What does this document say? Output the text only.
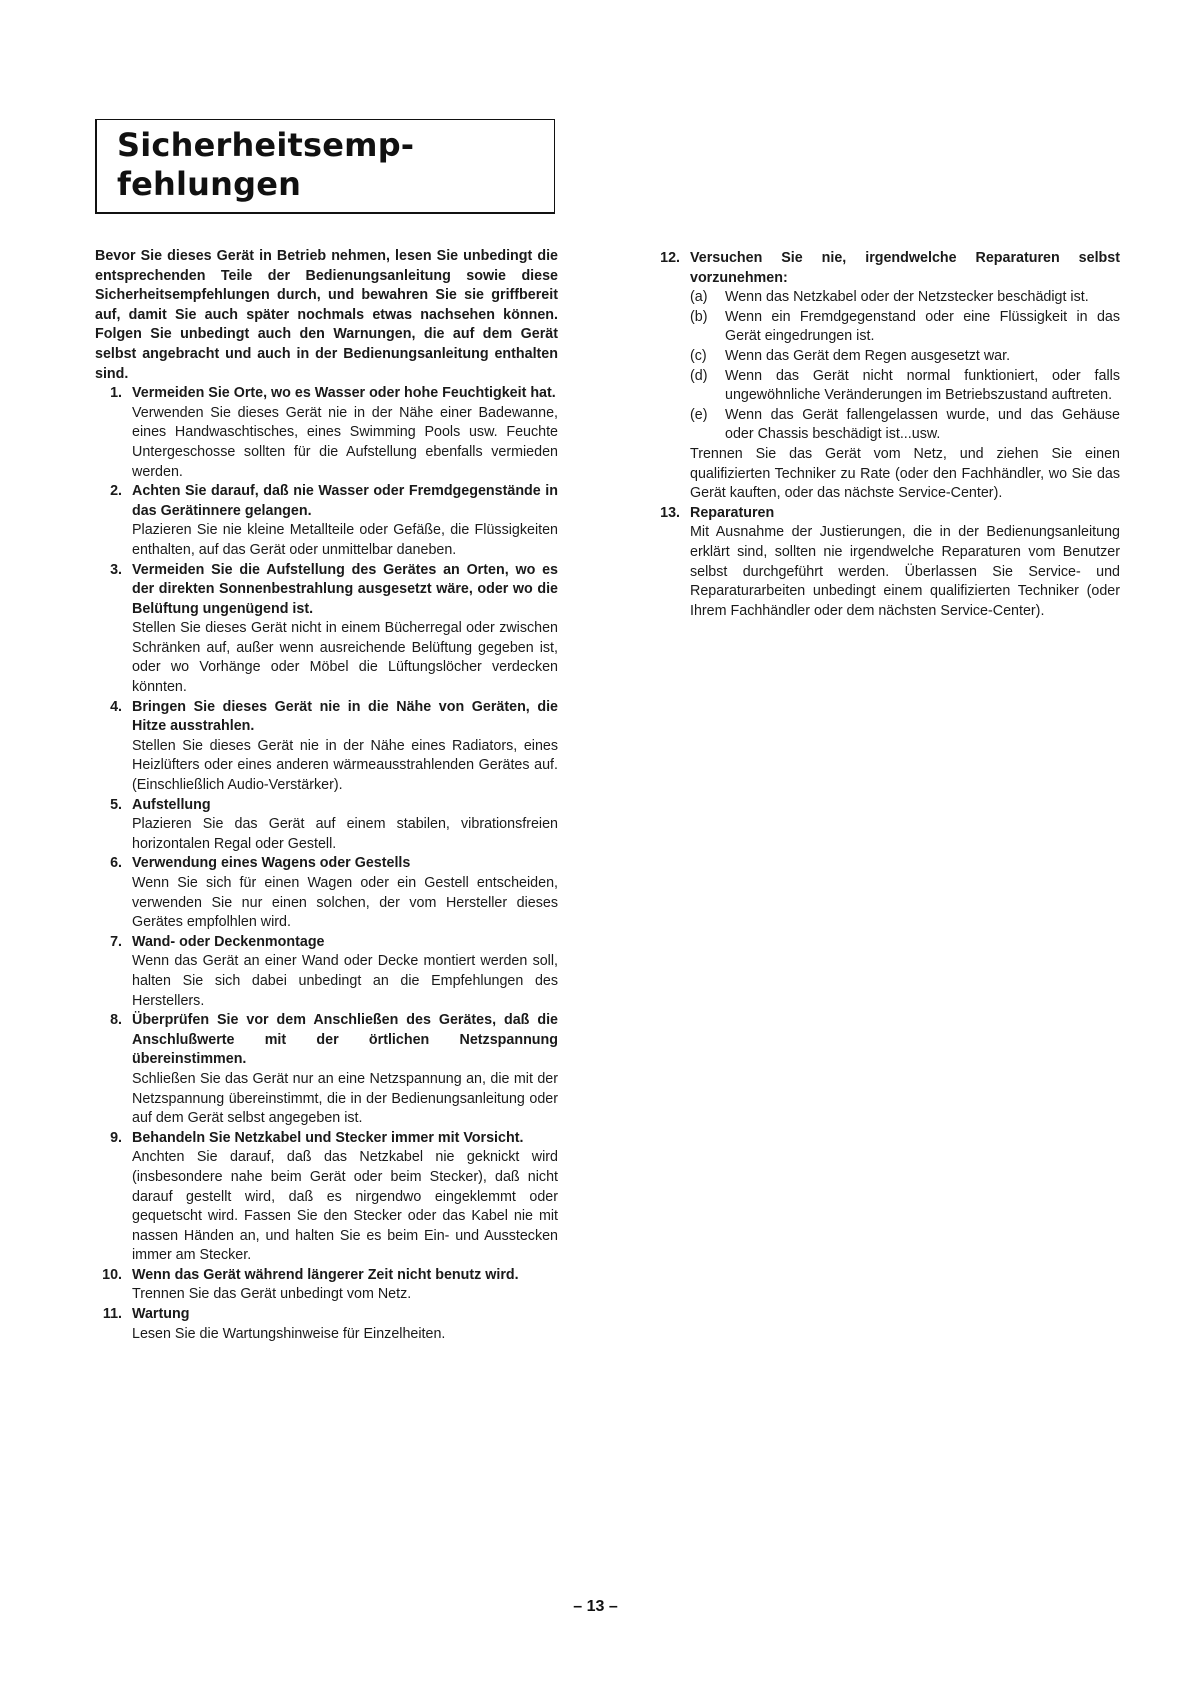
Sicherheitsemp-
fehlungen

Bevor Sie dieses Gerät in Betrieb nehmen, lesen Sie unbedingt die entsprechenden Teile der Bedienungsanleitung sowie diese Sicherheitsempfehlungen durch, und bewahren Sie sie griffbereit auf, damit Sie auch später nochmals etwas nachsehen können. Folgen Sie unbedingt auch den Warnungen, die auf dem Gerät selbst angebracht und auch in der Bedienungsanleitung enthalten sind.

1. Vermeiden Sie Orte, wo es Wasser oder hohe Feuchtigkeit hat.
Verwenden Sie dieses Gerät nie in der Nähe einer Badewanne, eines Handwaschtisches, eines Swimming Pools usw. Feuchte Untergeschosse sollten für die Aufstellung ebenfalls vermieden werden.
2. Achten Sie darauf, daß nie Wasser oder Fremdgegenstände in das Gerätinnere gelangen.
Plazieren Sie nie kleine Metallteile oder Gefäße, die Flüssigkeiten enthalten, auf das Gerät oder unmittelbar daneben.
3. Vermeiden Sie die Aufstellung des Gerätes an Orten, wo es der direkten Sonnenbestrahlung ausgesetzt wäre, oder wo die Belüftung ungenügend ist.
Stellen Sie dieses Gerät nicht in einem Bücherregal oder zwischen Schränken auf, außer wenn ausreichende Belüftung gegeben ist, oder wo Vorhänge oder Möbel die Lüftungslöcher verdecken könnten.
4. Bringen Sie dieses Gerät nie in die Nähe von Geräten, die Hitze ausstrahlen.
Stellen Sie dieses Gerät nie in der Nähe eines Radiators, eines Heizlüfters oder eines anderen wärmeausstrahlenden Gerätes auf. (Einschließlich Audio-Verstärker).
5. Aufstellung
Plazieren Sie das Gerät auf einem stabilen, vibrationsfreien horizontalen Regal oder Gestell.
6. Verwendung eines Wagens oder Gestells
Wenn Sie sich für einen Wagen oder ein Gestell entscheiden, verwenden Sie nur einen solchen, der vom Hersteller dieses Gerätes empfolhlen wird.
7. Wand- oder Deckenmontage
Wenn das Gerät an einer Wand oder Decke montiert werden soll, halten Sie sich dabei unbedingt an die Empfehlungen des Herstellers.
8. Überprüfen Sie vor dem Anschließen des Gerätes, daß die Anschlußwerte mit der örtlichen Netzspannung übereinstimmen.
Schließen Sie das Gerät nur an eine Netzspannung an, die mit der Netzspannung übereinstimmt, die in der Bedienungsanleitung oder auf dem Gerät selbst angegeben ist.
9. Behandeln Sie Netzkabel und Stecker immer mit Vorsicht.
Anchten Sie darauf, daß das Netzkabel nie geknickt wird (insbesondere nahe beim Gerät oder beim Stecker), daß nicht darauf gestellt wird, daß es nirgendwo eingeklemmt oder gequetscht wird. Fassen Sie den Stecker oder das Kabel nie mit nassen Händen an, und halten Sie es beim Ein- und Ausstecken immer am Stecker.
10. Wenn das Gerät während längerer Zeit nicht benutz wird.
Trennen Sie das Gerät unbedingt vom Netz.
11. Wartung
Lesen Sie die Wartungshinweise für Einzelheiten.
12. Versuchen Sie nie, irgendwelche Reparaturen selbst vorzunehmen:
(a) Wenn das Netzkabel oder der Netzstecker beschädigt ist.
(b) Wenn ein Fremdgegenstand oder eine Flüssigkeit in das Gerät eingedrungen ist.
(c) Wenn das Gerät dem Regen ausgesetzt war.
(d) Wenn das Gerät nicht normal funktioniert, oder falls ungewöhnliche Veränderungen im Betriebszustand auftreten.
(e) Wenn das Gerät fallengelassen wurde, und das Gehäuse oder Chassis beschädigt ist...usw.
Trennen Sie das Gerät vom Netz, und ziehen Sie einen qualifizierten Techniker zu Rate (oder den Fachhändler, wo Sie das Gerät kauften, oder das nächste Service-Center).
13. Reparaturen
Mit Ausnahme der Justierungen, die in der Bedienungsanleitung erklärt sind, sollten nie irgendwelche Reparaturen vom Benutzer selbst durchgeführt werden. Überlassen Sie Service- und Reparaturarbeiten unbedingt einem qualifizierten Techniker (oder Ihrem Fachhändler oder dem nächsten Service-Center).
– 13 –
